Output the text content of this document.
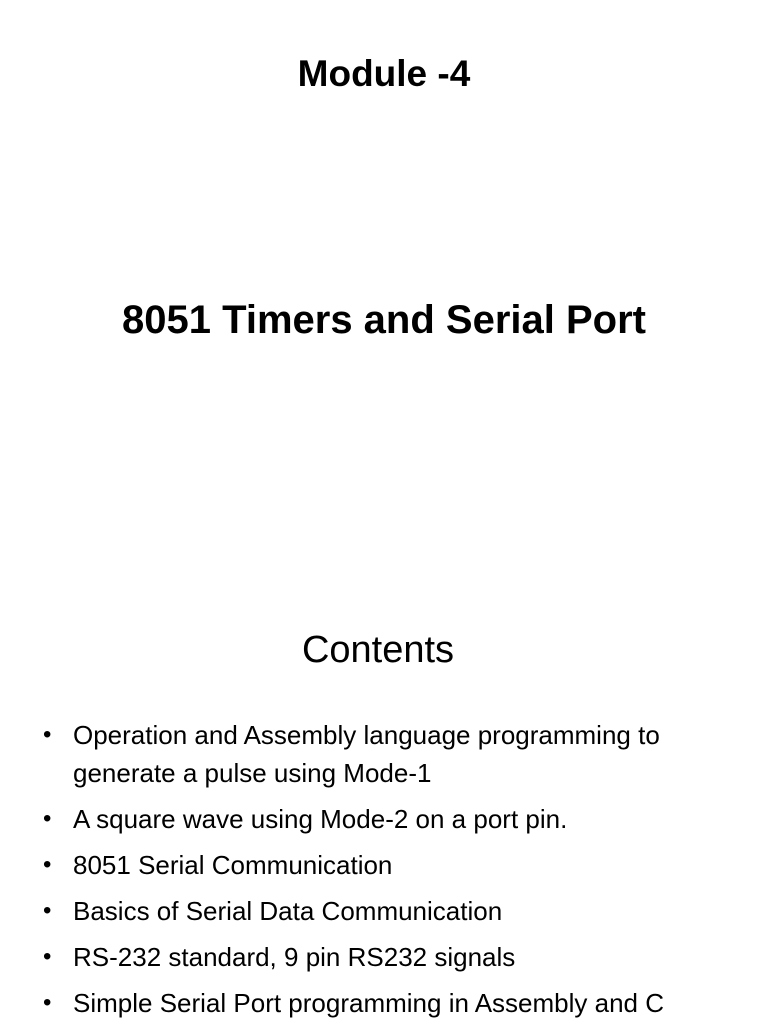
Module -4
8051 Timers and Serial Port
Contents
• Operation and Assembly language programming to generate a pulse using Mode-1
• A square wave using Mode-2 on a port pin.
• 8051 Serial Communication
• Basics of Serial Data Communication
• RS-232 standard, 9 pin RS232 signals
• Simple Serial Port programming in Assembly and C
